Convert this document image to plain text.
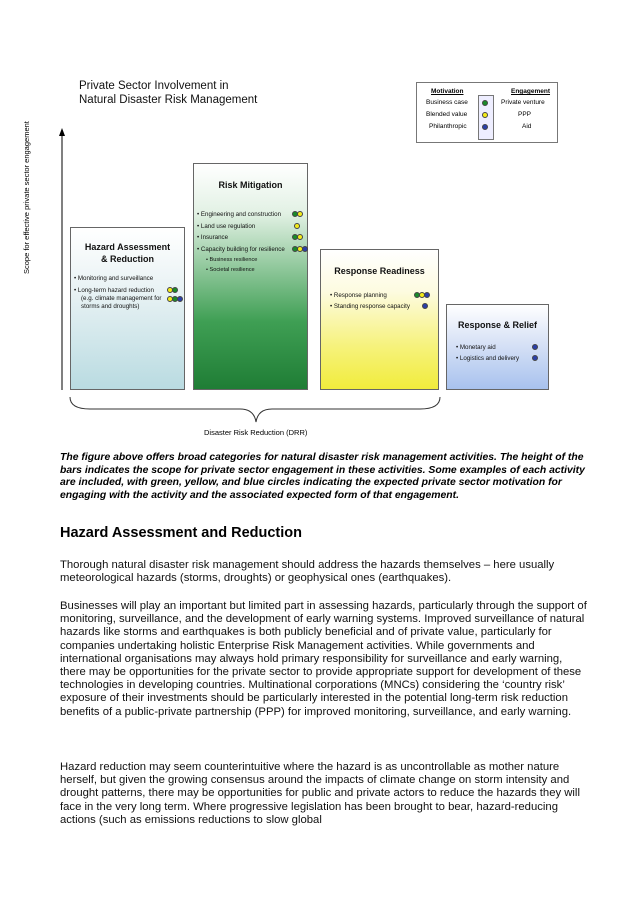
Private Sector Involvement in
Natural Disaster Risk Management
Motivation	Engagement
Business case
Blended value
Philanthropic
Private venture
PPP
Aid
Scope for effective private sector engagement
Disaster Risk Reduction (DRR)
Hazard Assessment
& Reduction
• Monitoring and surveillance
• Long-term hazard reduction
(e.g. climate management for
storms and droughts)
Risk Mitigation
• Engineering and construction
• Land use regulation
• Insurance
• Capacity building for resilience
• Business resilience
• Societal resilience	Response Readiness
• Response planning
• Standing response capacity
Response & Relief
• Monetary aid
• Logistics and delivery
The figure above offers broad categories for natural disaster risk management activities. The height of the bars indicates the scope for private sector engagement in these activities. Some examples of each activity are included, with green, yellow, and blue circles indicating the expected private sector motivation for engaging with the activity and the associated expected form of that engagement.
Hazard Assessment and Reduction
Thorough natural disaster risk management should address the hazards themselves – here usually meteorological hazards (storms, droughts) or geophysical ones (earthquakes).
Businesses will play an important but limited part in assessing hazards, particularly through the support of monitoring, surveillance, and the development of early warning systems. Improved surveillance of natural hazards like storms and earthquakes is both publicly beneficial and of private value, particularly for companies undertaking holistic Enterprise Risk Management activities. While governments and international organisations may always hold primary responsibility for surveillance and early warning, there may be opportunities for the private sector to provide appropriate support for development of these technologies in developing countries. Multinational corporations (MNCs) considering the ‘country risk’ exposure of their investments should be particularly interested in the potential long-term risk reduction benefits of a public-private partnership (PPP) for improved monitoring, surveillance, and early warning.
Hazard reduction may seem counterintuitive where the hazard is as uncontrollable as mother nature herself, but given the growing consensus around the impacts of climate change on storm intensity and drought patterns, there may be opportunities for public and private actors to reduce the hazards they will face in the very long term. Where progressive legislation has been brought to bear, hazard-reducing actions (such as emissions reductions to slow global
